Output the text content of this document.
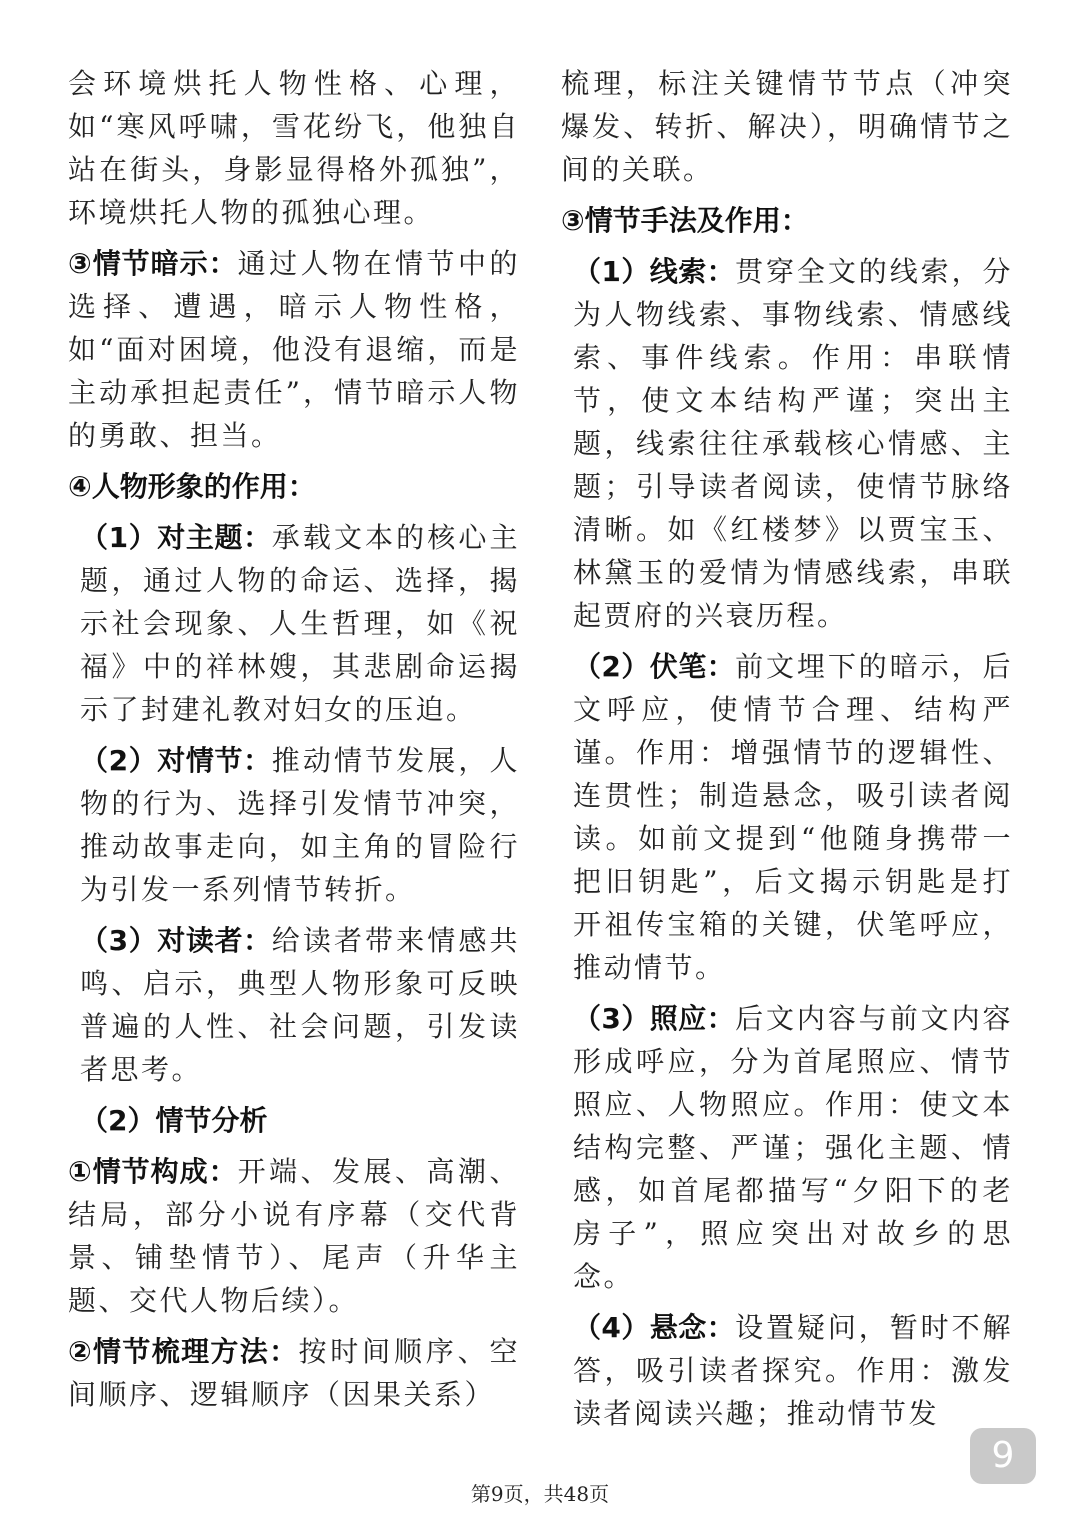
会环境烘托人物性格、心理，如“寒风呼啸，雪花纷飞，他独自站在街头，身影显得格外孤独”，环境烘托人物的孤独心理。

③情节暗示：通过人物在情节中的选择、遭遇，暗示人物性格，如“面对困境，他没有退缩，而是主动承担起责任”，情节暗示人物的勇敢、担当。

④人物形象的作用：

（1）对主题：承载文本的核心主题，通过人物的命运、选择，揭示社会现象、人生哲理，如《祝福》中的祥林嫂，其悲剧命运揭示了封建礼教对妇女的压迫。

（2）对情节：推动情节发展，人物的行为、选择引发情节冲突，推动故事走向，如主角的冒险行为引发一系列情节转折。

（3）对读者：给读者带来情感共鸣、启示，典型人物形象可反映普遍的人性、社会问题，引发读者思考。

（2）情节分析

①情节构成：开端、发展、高潮、结局，部分小说有序幕（交代背景、铺垫情节）、尾声（升华主题、交代人物后续）。

②情节梳理方法：按时间顺序、空间顺序、逻辑顺序（因果关系）

梳理，标注关键情节节点（冲突爆发、转折、解决），明确情节之间的关联。

③情节手法及作用：

（1）线索：贯穿全文的线索，分为人物线索、事物线索、情感线索、事件线索。作用：串联情节，使文本结构严谨；突出主题，线索往往承载核心情感、主题；引导读者阅读，使情节脉络清晰。如《红楼梦》以贾宝玉、林黛玉的爱情为情感线索，串联起贾府的兴衰历程。

（2）伏笔：前文埋下的暗示，后文呼应，使情节合理、结构严谨。作用：增强情节的逻辑性、连贯性；制造悬念，吸引读者阅读。如前文提到“他随身携带一把旧钥匙”，后文揭示钥匙是打开祖传宝箱的关键，伏笔呼应，推动情节。

（3）照应：后文内容与前文内容形成呼应，分为首尾照应、情节照应、人物照应。作用：使文本结构完整、严谨；强化主题、情感，如首尾都描写“夕阳下的老房子”，照应突出对故乡的思念。

（4）悬念：设置疑问，暂时不解答，吸引读者探究。作用：激发读者阅读兴趣；推动情节发

9
第9页，共48页
